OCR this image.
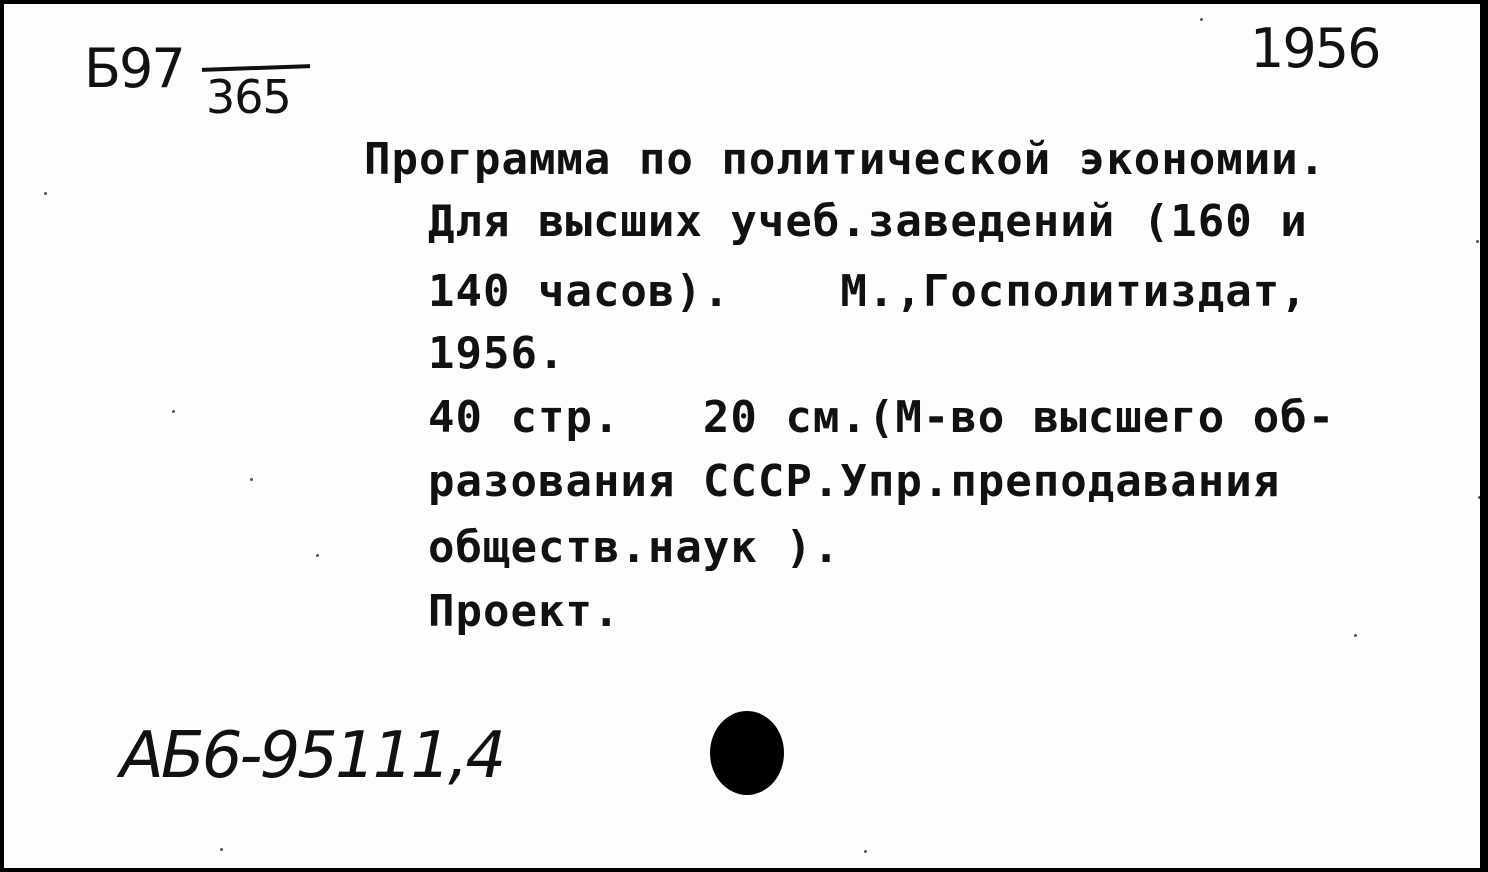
Б97 365
1956
Программа по политической экономии.
Для высших учеб.заведений (160 и
140 часов).    М.,Госполитиздат,
1956.
40 стр.   20 см.(М-во высшего об-
разования СССР.Упр.преподавания
обществ.наук ).
Проект.
АБ6-95111,4
